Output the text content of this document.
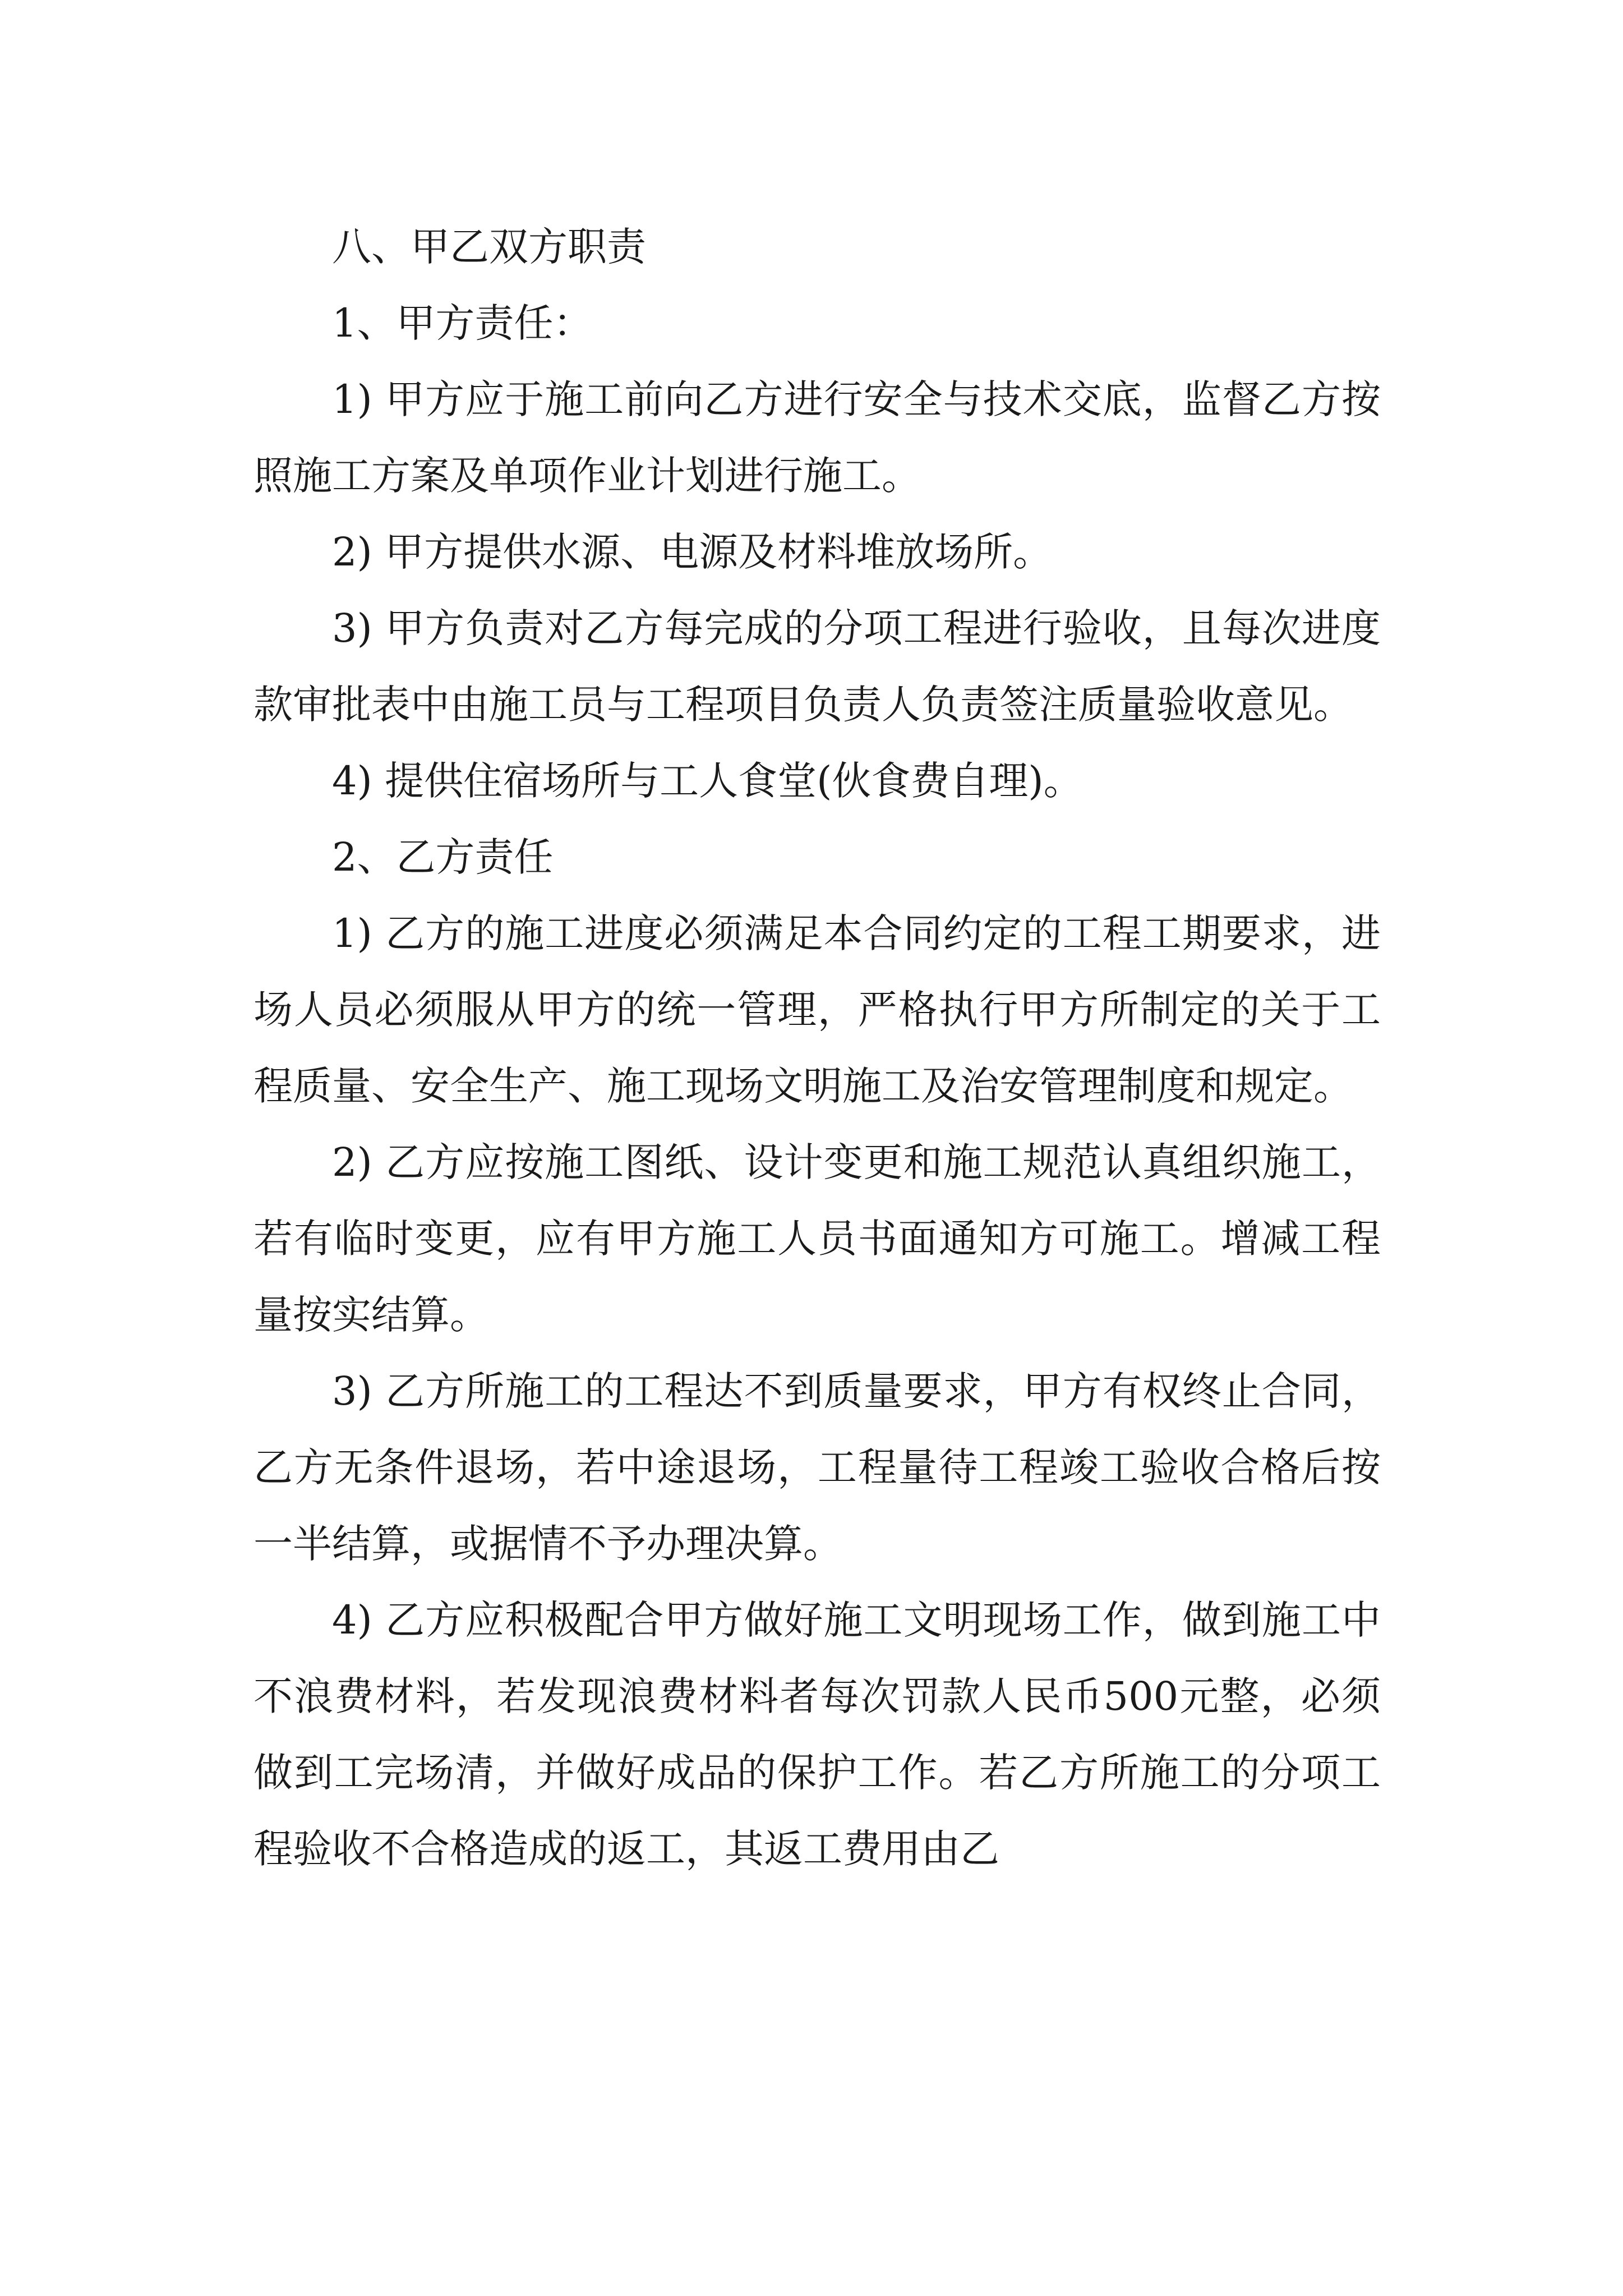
八、甲乙双方职责

1、甲方责任：

1) 甲方应于施工前向乙方进行安全与技术交底，监督乙方按照施工方案及单项作业计划进行施工。

2) 甲方提供水源、电源及材料堆放场所。

3) 甲方负责对乙方每完成的分项工程进行验收，且每次进度款审批表中由施工员与工程项目负责人负责签注质量验收意见。

4) 提供住宿场所与工人食堂(伙食费自理)。

2、乙方责任

1) 乙方的施工进度必须满足本合同约定的工程工期要求，进场人员必须服从甲方的统一管理，严格执行甲方所制定的关于工程质量、安全生产、施工现场文明施工及治安管理制度和规定。

2) 乙方应按施工图纸、设计变更和施工规范认真组织施工，若有临时变更，应有甲方施工人员书面通知方可施工。增减工程量按实结算。

3) 乙方所施工的工程达不到质量要求，甲方有权终止合同，乙方无条件退场，若中途退场，工程量待工程竣工验收合格后按一半结算，或据情不予办理决算。

4) 乙方应积极配合甲方做好施工文明现场工作，做到施工中不浪费材料，若发现浪费材料者每次罚款人民币500元整，必须做到工完场清，并做好成品的保护工作。若乙方所施工的分项工程验收不合格造成的返工，其返工费用由乙
